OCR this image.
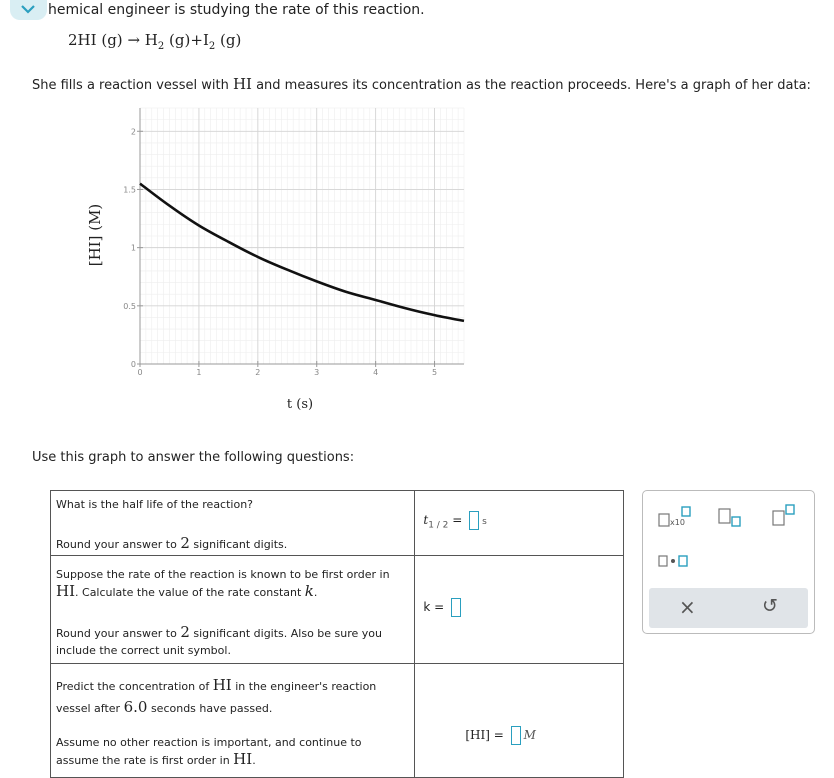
hemical engineer is studying the rate of this reaction.
2HI $(g) \to H_2$ $(g)+I_2$ (g)
She fills a reaction vessel with HI and measures its concentration as the reaction proceeds. Here's a graph of her data:
0	1	2	3	4	5
0
0.5
1
1.5
2
[HI] (M)
t (s)
Use this graph to answer the following questions:
What is the half life of the reaction?
Round your answer to 2 significant digits.	$t_{1 / 2} = s$

Suppose the rate of the reaction is known to be first order in HI. Calculate the value of the rate constant k.
Round your answer to 2 significant digits. Also be sure you include the correct unit symbol.	k =

Predict the concentration of HI in the engineer's reaction vessel after 6.0 seconds have passed.
Assume no other reaction is important, and continue to assume the rate is first order in HI.	[HI] = M
x10
×	↺
